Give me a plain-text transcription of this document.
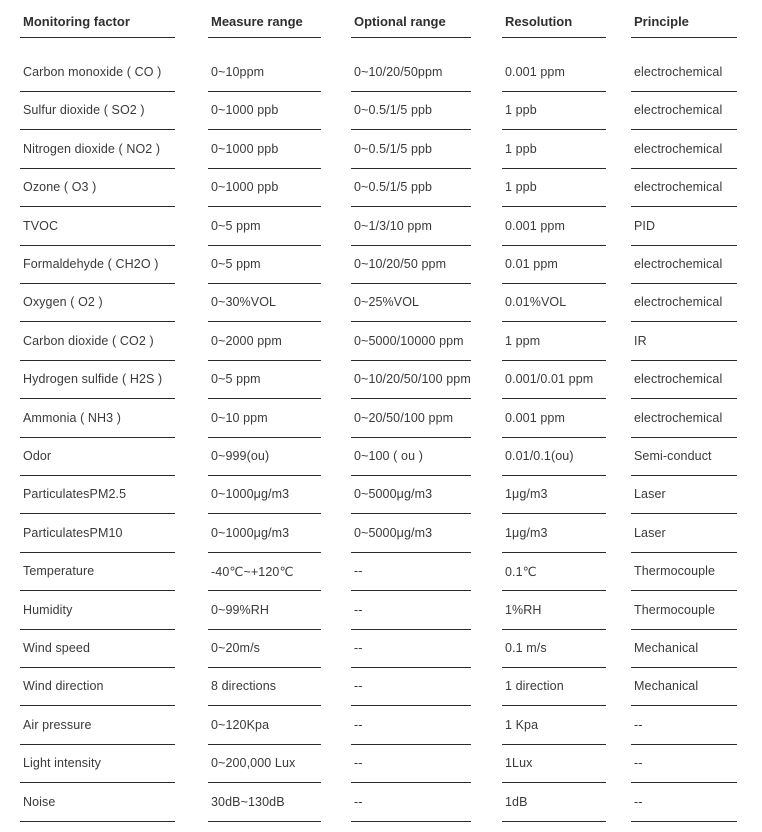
Monitoring factor	Measure range	Optional range	Resolution	Principle
Carbon monoxide ( CO )	0~10ppm	0~10/20/50ppm	0.001 ppm	electrochemical
Sulfur dioxide ( SO2 )	0~1000 ppb	0~0.5/1/5 ppb	1 ppb	electrochemical
Nitrogen dioxide ( NO2 )	0~1000 ppb	0~0.5/1/5 ppb	1 ppb	electrochemical
Ozone ( O3 )	0~1000 ppb	0~0.5/1/5 ppb	1 ppb	electrochemical
TVOC	0~5 ppm	0~1/3/10 ppm	0.001 ppm	PID
Formaldehyde ( CH2O )	0~5 ppm	0~10/20/50 ppm	0.01 ppm	electrochemical
Oxygen ( O2 )	0~30%VOL	0~25%VOL	0.01%VOL	electrochemical
Carbon dioxide ( CO2 )	0~2000 ppm	0~5000/10000 ppm	1 ppm	IR
Hydrogen sulfide ( H2S )	0~5 ppm	0~10/20/50/100 ppm	0.001/0.01 ppm	electrochemical
Ammonia ( NH3 )	0~10 ppm	0~20/50/100 ppm	0.001 ppm	electrochemical
Odor	0~999(ou)	0~100 ( ou )	0.01/0.1(ou)	Semi-conduct
ParticulatesPM2.5	0~1000μg/m3	0~5000μg/m3	1μg/m3	Laser
ParticulatesPM10	0~1000μg/m3	0~5000μg/m3	1μg/m3	Laser
Temperature	-40℃~+120℃	--	0.1℃	Thermocouple
Humidity	0~99%RH	--	1%RH	Thermocouple
Wind speed	0~20m/s	--	0.1 m/s	Mechanical
Wind direction	8 directions	--	1 direction	Mechanical
Air pressure	0~120Kpa	--	1 Kpa	--
Light intensity	0~200,000 Lux	--	1Lux	--
Noise	30dB~130dB	--	1dB	--
